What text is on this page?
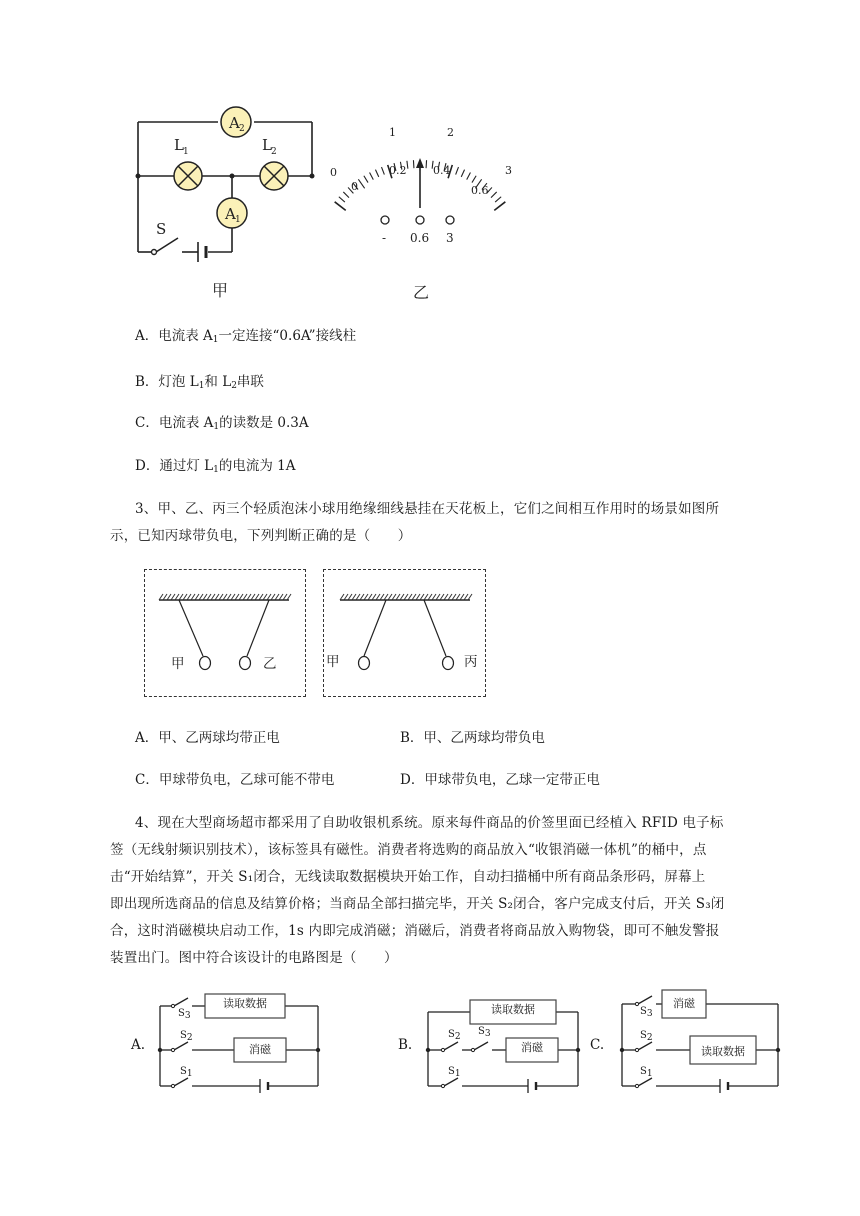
A 2
A 1
L 1	L 2
S
甲
0
1	2
3
0
0.2 0.4
0.6
- 0.6 3
乙
A．电流表 $A_1$一定连接“0.6A”接线柱
B．灯泡 $L_1$和 $L_2$串联
C．电流表 $A_1$的读数是 0.3A
D．通过灯 $L_1$的电流为 1A
3、甲、乙、丙三个轻质泡沫小球用绝缘细线悬挂在天花板上，它们之间相互作用时的场景如图所
示，已知丙球带负电，下列判断正确的是（　　）
甲	乙	甲	丙
A．甲、乙两球均带正电	B．甲、乙两球均带负电
C．甲球带负电，乙球可能不带电	D．甲球带负电，乙球一定带正电
4、现在大型商场超市都采用了自助收银机系统。原来每件商品的价签里面已经植入 RFID 电子标
签（无线射频识别技术），该标签具有磁性。消费者将选购的商品放入“收银消磁一体机”的桶中，点
击“开始结算”，开关 S₁闭合，无线读取数据模块开始工作，自动扫描桶中所有商品条形码，屏幕上
即出现所选商品的信息及结算价格；当商品全部扫描完毕，开关 S₂闭合，客户完成支付后，开关 S₃闭
合，这时消磁模块启动工作，1s 内即完成消磁；消磁后，消费者将商品放入购物袋，即可不触发警报
装置出门。图中符合该设计的电路图是（　　）
A.
读取数据
消磁
$S_3$
$S_2$
$S_1$
B.
读取数据
消磁
$S_2$ $S_3$
$S_1$
C.
消磁
读取数据
$S_3$
$S_2$
$S_1$
